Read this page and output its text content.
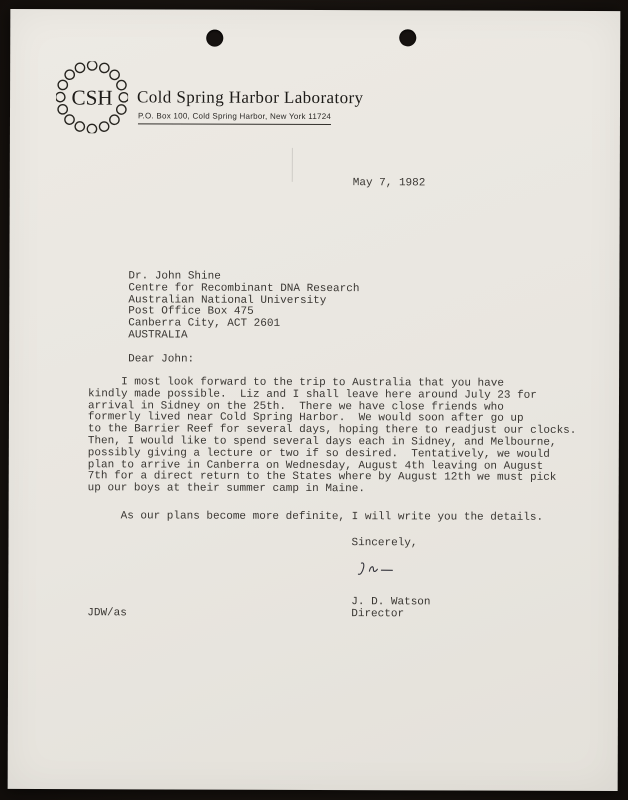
CSH Cold Spring Harbor Laboratory
P.O. Box 100, Cold Spring Harbor, New York 11724
May 7, 1982
Dr. John Shine
Centre for Recombinant DNA Research
Australian National University
Post Office Box 475
Canberra City, ACT 2601
AUSTRALIA
Dear John:
I most look forward to the trip to Australia that you have
kindly made possible.  Liz and I shall leave here around July 23 for
arrival in Sidney on the 25th.  There we have close friends who
formerly lived near Cold Spring Harbor.  We would soon after go up
to the Barrier Reef for several days, hoping there to readjust our clocks.
Then, I would like to spend several days each in Sidney, and Melbourne,
possibly giving a lecture or two if so desired.  Tentatively, we would
plan to arrive in Canberra on Wednesday, August 4th leaving on August
7th for a direct return to the States where by August 12th we must pick
up our boys at their summer camp in Maine.
As our plans become more definite, I will write you the details.
Sincerely,
J. D. Watson
Director
JDW/as
